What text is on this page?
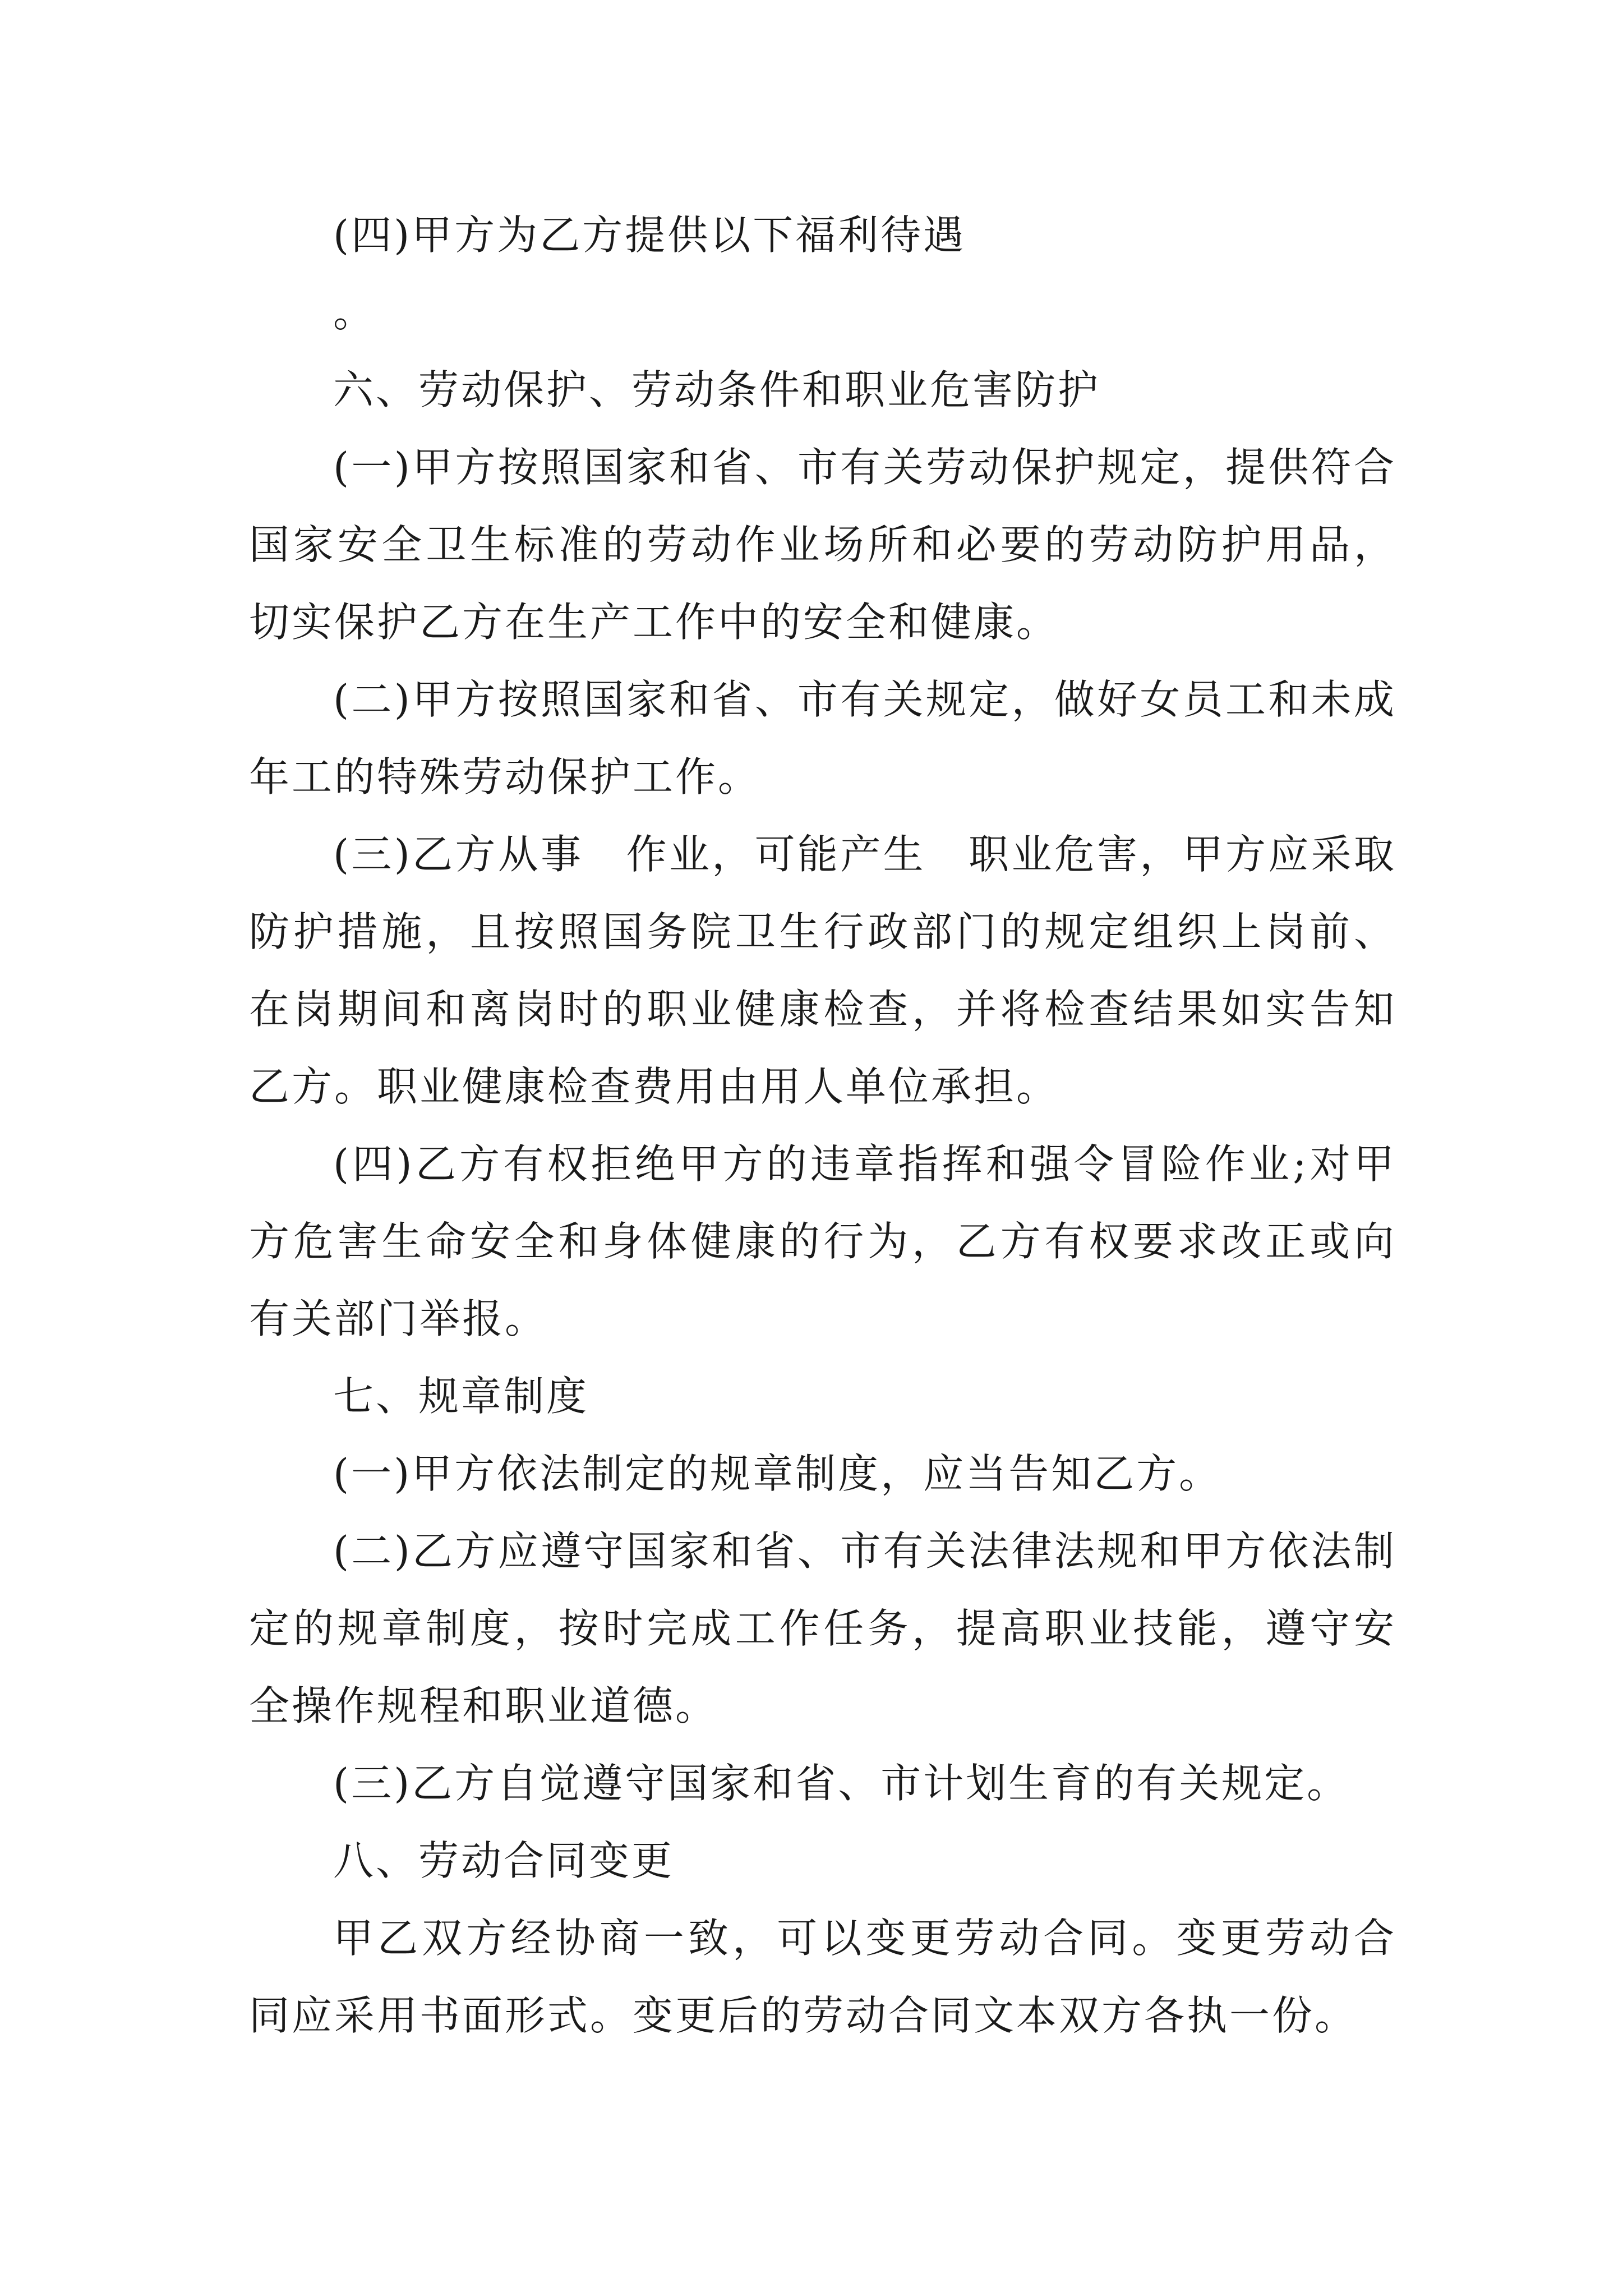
(四)甲方为乙方提供以下福利待遇

。

六、劳动保护、劳动条件和职业危害防护

(一)甲方按照国家和省、市有关劳动保护规定，提供符合国家安全卫生标准的劳动作业场所和必要的劳动防护用品，切实保护乙方在生产工作中的安全和健康。

(二)甲方按照国家和省、市有关规定，做好女员工和未成年工的特殊劳动保护工作。

(三)乙方从事　作业，可能产生　职业危害，甲方应采取　防护措施，且按照国务院卫生行政部门的规定组织上岗前、在岗期间和离岗时的职业健康检查，并将检查结果如实告知乙方。职业健康检查费用由用人单位承担。

(四)乙方有权拒绝甲方的违章指挥和强令冒险作业;对甲方危害生命安全和身体健康的行为，乙方有权要求改正或向有关部门举报。

七、规章制度

(一)甲方依法制定的规章制度，应当告知乙方。

(二)乙方应遵守国家和省、市有关法律法规和甲方依法制定的规章制度，按时完成工作任务，提高职业技能，遵守安全操作规程和职业道德。

(三)乙方自觉遵守国家和省、市计划生育的有关规定。

八、劳动合同变更

甲乙双方经协商一致，可以变更劳动合同。变更劳动合同应采用书面形式。变更后的劳动合同文本双方各执一份。
